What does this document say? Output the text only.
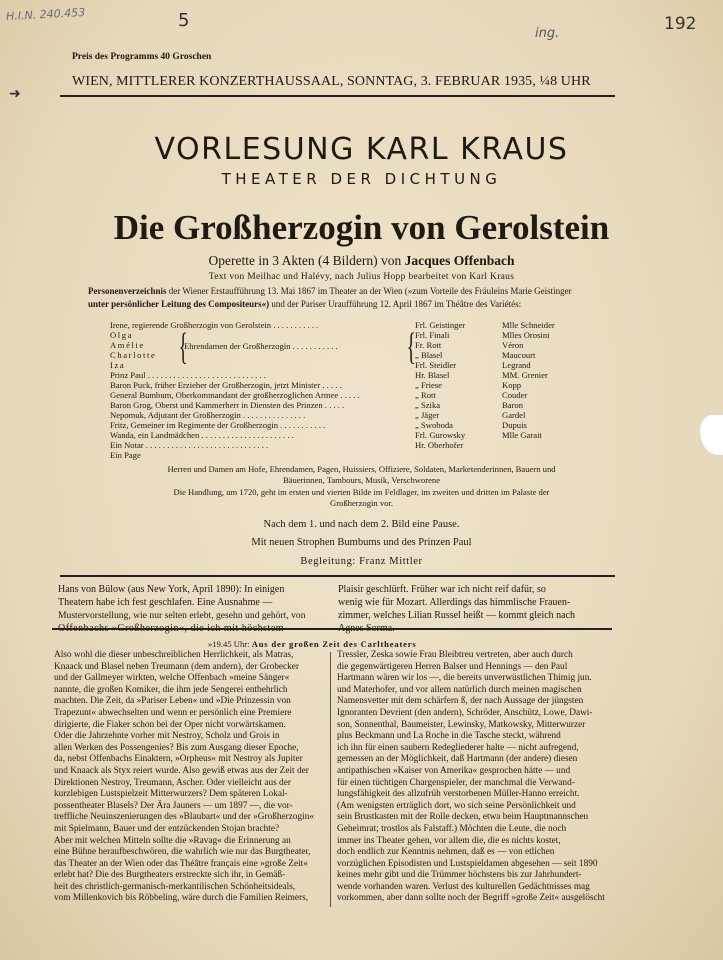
H.I.N. 240.453	5
ing.	192
➜
Preis des Programms 40 Groschen
WIEN, MITTLERER KONZERTHAUSSAAL, SONNTAG, 3. FEBRUAR 1935, ¼8 UHR
VORLESUNG KARL KRAUS
THEATER DER DICHTUNG
Die Großherzogin von Gerolstein
Operette in 3 Akten (4 Bildern) von Jacques Offenbach
Text von Meilhac und Halévy, nach Julius Hopp bearbeitet von Karl Kraus
Personenverzeichnis der Wiener Erstaufführung 13. Mai 1867 im Theater an der Wien (»zum Vorteile des Fräuleins Marie Geistinger
unter persönlicher Leitung des Compositeurs«) und der Pariser Uraufführung 12. April 1867 im Théâtre des Variétés:
Irene, regierende Großherzogin von Gerolstein . . . . . . . . . . .	Frl. Geistinger	Mlle Schneider
Olga	Frl. Finali	Mlles Orosini
Amélie	Fr. Rott	Véron
Charlotte	„ Blasel	Maucourt
Iza	Frl. Steidler	Legrand
{
Ehrendamen der Großherzogin . . . . . . . . . . . {
Prinz Paul . . . . . . . . . . . . . . . . . . . . . . . . . . . .	Hr. Blasel	MM. Grenier
Baron Puck, früher Erzieher der Großherzogin, jetzt Minister . . . . .	„ Friese	Kopp
General Bumbum, Oberkommandant der großherzoglichen Armee . . . . .	„ Rott	Couder
Baron Grog, Oberst und Kammerherr in Diensten des Prinzen . . . . .	„ Szika	Baron
Nepomuk, Adjutant der Großherzogin . . . . . . . . . . . . . . .	„ Jäger	Gardel
Fritz, Gemeiner im Regimente der Großherzogin . . . . . . . . . . .	„ Swoboda	Dupuis
Wanda, ein Landmädchen . . . . . . . . . . . . . . . . . . . . . .	Frl. Gurowsky	Mlle Garait
Ein Notar . . . . . . . . . . . . . . . . . . . . . . . . . . . . .	Hr. Oberhofer
Ein Page
Herren und Damen am Hofe, Ehrendamen, Pagen, Huissiers, Offiziere, Soldaten, Marketenderinnen, Bauern und
Bäuerinnen, Tambours, Musik, Verschworene
Die Handlung, um 1720, geht im ersten und vierten Bilde im Feldlager, im zweiten und dritten im Palaste der
Großherzogin vor.
Nach dem 1. und nach dem 2. Bild eine Pause.
Mit neuen Strophen Bumbums und des Prinzen Paul
Begleitung: Franz Mittler
Hans von Bülow (aus New York, April 1890): In einigen
Theatern habe ich fest geschlafen. Eine Ausnahme —
Mustervorstellung, wie nur selten erlebt, gesehn und gehört, von
Plaisir geschlürft. Früher war ich nicht reif dafür, so
wenig wie für Mozart. Allerdings das himmlische Frauen-
zimmer, welches Lilian Russel heißt — kommt gleich nach
»19.45 Uhr: Aus der großen Zeit des Carltheaters

Also wohl die dieser unbeschreiblichen Herrlichkeit, als Matras,

Knaack und Blasel neben Treumann (dem andern), der Grobecker

und der Gallmeyer wirkten, welche Offenbach »meine Sänger«

nannte, die großen Komiker, die ihm jede Sengerei entbehrlich

machten. Die Zeit, da »Pariser Leben« und »Die Prinzessin von

Trapezunt« abwechselten und wenn er persönlich eine Premiere

dirigierte, die Fiaker schon bei der Oper nicht vorwärtskamen.

Oder die Jahrzehnte vorher mit Nestroy, Scholz und Grois in

allen Werken des Possengenies? Bis zum Ausgang dieser Epoche,

da, nebst Offenbachs Einaktern, »Orpheus« mit Nestroy als Jupiter

und Knaack als Styx reiert wurde. Also gewiß etwas aus der Zeit der

Direktionen Nestroy, Treumann, Ascher. Oder vielleicht aus der

kurzlebigen Lustspielzeit Mitterwurzers? Dem späteren Lokal-

possentheater Blasels? Der Ära Jauners — um 1897 —, die vor-

treffliche Neuinszenierungen des »Blaubart« und der »Großherzogin«

mit Spielmann, Bauer und der entzückenden Stojan brachte?

Aber mit welchen Mitteln sollte die »Ravag« die Erinnerung an

eine Bühne heraufbeschwören, die wahrlich wie nur das Burgtheater,

das Theater an der Wien oder das Théâtre français eine »große Zeit«

erlebt hat? Die des Burgtheaters erstreckte sich ihr, in Gemäß-

heit des christlich-germanisch-merkantilischen Schönheitsideals,

vom Millenkovich bis Röbbeling, wäre durch die Familien Reimers,

Tressler, Zeska sowie Frau Bleibtreu vertreten, aber auch durch

die gegenwärtigeren Herren Balser und Hennings — den Paul

Hartmann wären wir los —, die bereits unverwüstlichen Thimig jun.

und Materhofer, und vor allem natürlich durch meinen magischen

Namensvetter mit dem schärfern ß, der nach Aussage der jüngsten

Ignoranten Devrient (den andern), Schröder, Anschütz, Lowe, Dawi-

son, Sonnenthal, Baumeister, Lewinsky, Matkowsky, Mitterwurzer

plus Beckmann und La Roche in die Tasche steckt, während

ich ihn für einen saubern Redegliederer halte — nicht aufregend,

gemessen an der Möglichkeit, daß Hartmann (der andere) diesen

antipathischen »Kaiser von Amerika« gesprochen hätte — und

für einen tüchtigen Chargenspieler, der manchmal die Verwand-

lungsfähigkeit des allzufrüh verstorbenen Müller-Hanno erreicht.

(Am wenigsten erträglich dort, wo sich seine Persönlichkeit und

sein Brustkasten mit der Rolle decken, etwa beim Hauptmannschen

Geheimrat; trostlos als Falstaff.) Möchten die Leute, die noch

immer ins Theater gehen, vor allem die, die es nichts kostet,

doch endlich zur Kenntnis nehmen, daß es — von etlichen

vorzüglichen Episodisten und Lustspieldamen abgesehen — seit 1890

keines mehr gibt und die Trümmer höchstens bis zur Jahrhundert-

wende vorhanden waren. Verlust des kulturellen Gedächtnisses mag

vorkommen, aber dann sollte noch der Begriff »große Zeit« ausgelöscht
